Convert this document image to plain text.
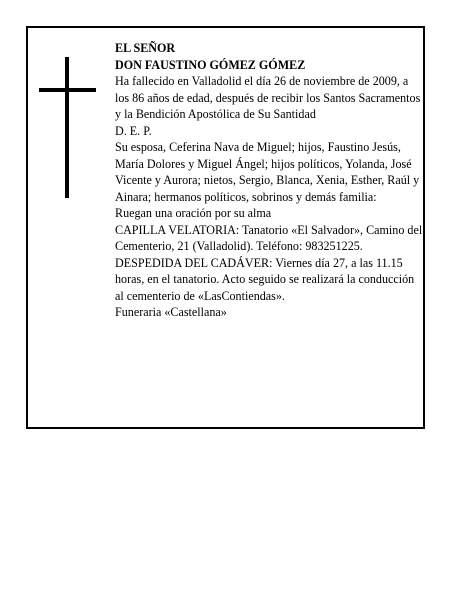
EL SEÑOR

DON FAUSTINO GÓMEZ GÓMEZ

Ha fallecido en Valladolid el día 26 de noviembre de 2009, a los 86 años de edad, después de recibir los Santos Sacramentos y la Bendición Apostólica de Su Santidad

D. E. P.

Su esposa, Ceferina Nava de Miguel; hijos, Faustino Jesús, María Dolores y Miguel Ángel; hijos políticos, Yolanda, José Vicente y Aurora; nietos, Sergio, Blanca, Xenia, Esther, Raúl y Ainara; hermanos políticos, sobrinos y demás familia:

Ruegan una oración por su alma

CAPILLA VELATORIA: Tanatorio «El Salvador», Camino del Cementerio, 21 (Valladolid). Teléfono: 983251225.

DESPEDIDA DEL CADÁVER: Viernes día 27, a las 11.15 horas, en el tanatorio. Acto seguido se realizará la conducción al cementerio de «LasContiendas».

Funeraria «Castellana»
